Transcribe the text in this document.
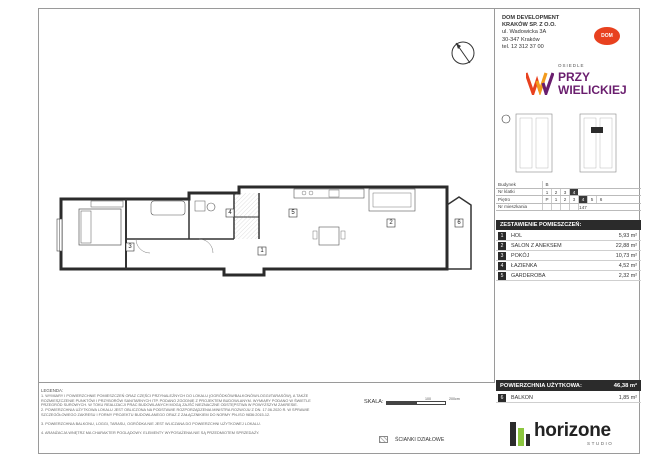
3
4	5
2
1
6
LEGENDA:
1. WYMIARY I POWIERZCHNIE POMIESZCZEŃ ORAZ CZĘŚCI PRZYNALEŻNYCH DO LOKALU (OGRÓDKÓW/BALKONÓW/LOGGI/TARASÓW), A TAKŻE ROZMIESZCZENIE PUNKTÓW I PRZYBORÓW SANITARNYCH ITP. PODANO ZGODNIE Z PROJEKTEM BUDOWLANYM. WYMIARY PODANO W ŚWIETLE PRZEGRÓD SUROWYCH. W TOKU REALIZACJI PRAC BUDOWLANYCH MOGĄ ZAJŚĆ NIEZNACZNE ODSTĘPSTWA W POWYŻSZYM ZAKRESIE.
2. POWIERZCHNIA UŻYTKOWA LOKALU JEST OBLICZONA NA PODSTAWIE ROZPORZĄDZENIA MINISTRA ROZWOJU Z DN. 17.06.2020 R. W SPRAWIE SZCZEGÓŁOWEGO ZAKRESU I FORMY PROJEKTU BUDOWLANEGO ORAZ Z ZAŁĄCZNIKIEM DO NORMY PN-ISO 9836:2015-12.
3. POWIERZCHNIA BALKONU, LOGGI, TARASU, OGRÓDKA NIE JEST WLICZANA DO POWIERZCHNI UŻYTKOWEJ LOKALU.
4. ARANŻACJA WNĘTRZ MA CHARAKTER POGLĄDOWY. ELEMENTY WYPOSAŻENIA NIE SĄ PRZEDMIOTEM SPRZEDAŻY.
SKALA:	100	200cm
ŚCIANKI DZIAŁOWE
DOM DEVELOPMENT
KRAKÓW SP. Z O.O.
ul. Wadowicka 3A
30-347 Kraków
tel. 12 312 37 00
DOM
OSIEDLE
PRZY
WIELICKIEJ
Budynek	B
Nr klatki	1	2	3	4
Piętro	P	1	2	3	4	5	6
Nr mieszkania	147
ZESTAWIENIE POMIESZCZEŃ:
1	HOL	5,93 m²
2	SALON Z ANEKSEM	22,88 m²
3	POKÓJ	10,73 m²
4	ŁAZIENKA	4,52 m²
5	GARDEROBA	2,32 m²
POWIERZCHNIA UŻYTKOWA:	46,38 m²
6	BALKON	1,85 m²
horizone
STUDIO
